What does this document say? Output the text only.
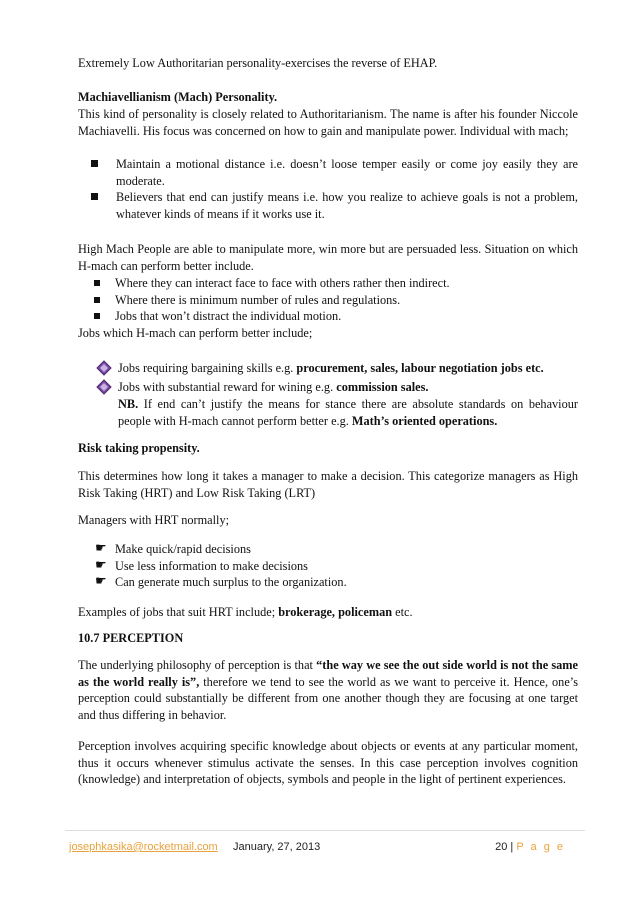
Extremely Low Authoritarian personality-exercises the reverse of EHAP.

Machiavellianism (Mach) Personality.

This kind of personality is closely related to Authoritarianism. The name is after his founder Niccole Machiavelli. His focus was concerned on how to gain and manipulate power. Individual with mach;

Maintain a motional distance i.e. doesn’t loose temper easily or come joy easily they are moderate.
Believers that end can justify means i.e. how you realize to achieve goals is not a problem, whatever kinds of means if it works use it.

High Mach People are able to manipulate more, win more but are persuaded less. Situation on which H-mach can perform better include.

Where they can interact face to face with others rather then indirect.
Where there is minimum number of rules and regulations.
Jobs that won’t distract the individual motion.

Jobs which H-mach can perform better include;

Jobs requiring bargaining skills e.g. procurement, sales, labour negotiation jobs etc.
Jobs with substantial reward for wining e.g. commission sales.
NB. If end can’t justify the means for stance there are absolute standards on behaviour people with H-mach cannot perform better e.g. Math’s oriented operations.

Risk taking propensity.

This determines how long it takes a manager to make a decision. This categorize managers as High Risk Taking (HRT) and Low Risk Taking (LRT)

Managers with HRT normally;

☛ Make quick/rapid decisions
☛ Use less information to make decisions
☛ Can generate much surplus to the organization.

Examples of jobs that suit HRT include; brokerage, policeman etc.

10.7 PERCEPTION

The underlying philosophy of perception is that “the way we see the out side world is not the same as the world really is”, therefore we tend to see the world as we want to perceive it. Hence, one’s perception could substantially be different from one another though they are focusing at one target and thus differing in behavior.

Perception involves acquiring specific knowledge about objects or events at any particular moment, thus it occurs whenever stimulus activate the senses. In this case perception involves cognition (knowledge) and interpretation of objects, symbols and people in the light of pertinent experiences.

josephkasika@rocketmail.com January, 27, 2013	20 | P a g e
